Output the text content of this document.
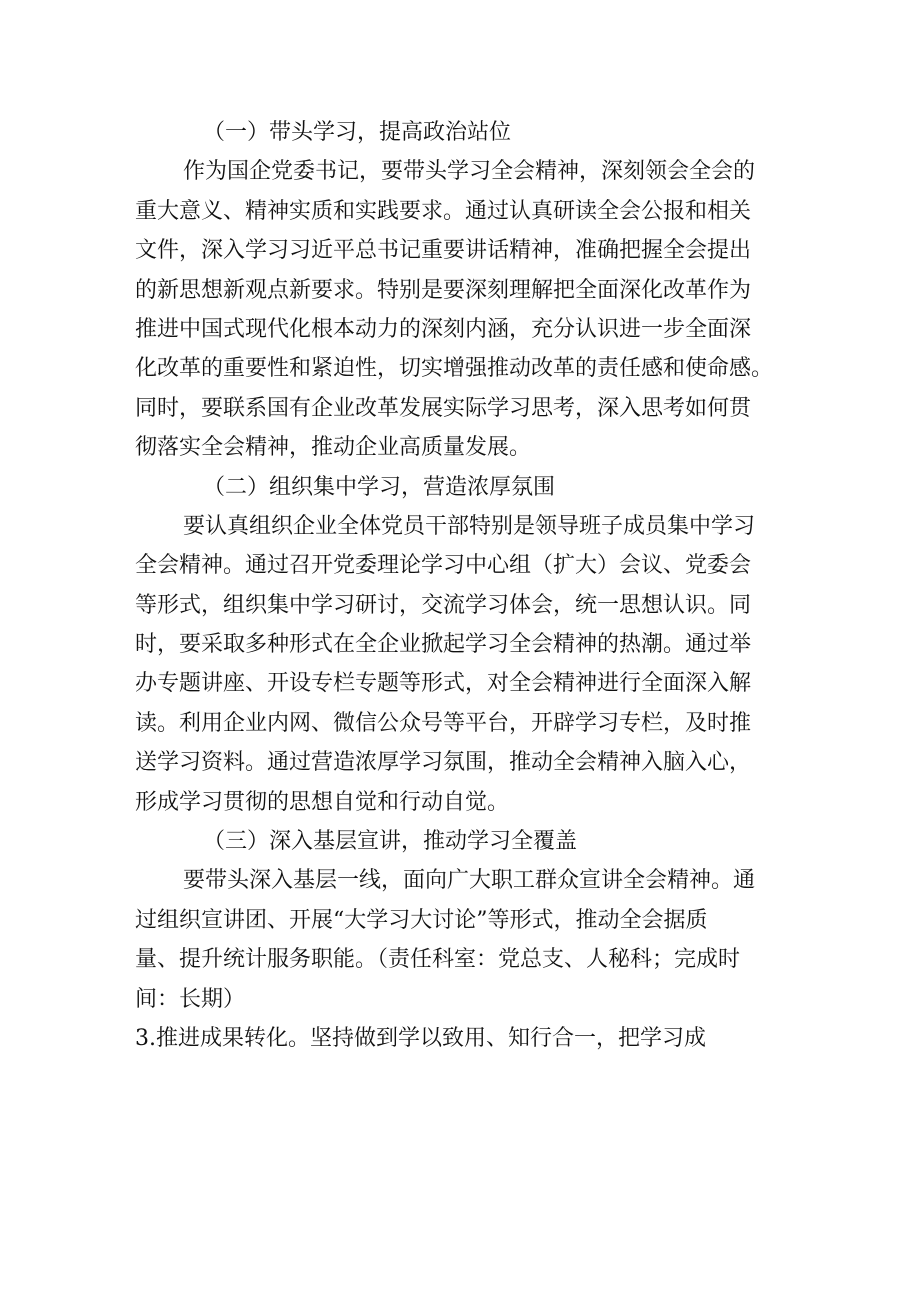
（一）带头学习，提高政治站位
作为国企党委书记，要带头学习全会精神，深刻领会全会的
重大意义、精神实质和实践要求。通过认真研读全会公报和相关
文件，深入学习习近平总书记重要讲话精神，准确把握全会提出
的新思想新观点新要求。特别是要深刻理解把全面深化改革作为
推进中国式现代化根本动力的深刻内涵，充分认识进一步全面深
化改革的重要性和紧迫性，切实增强推动改革的责任感和使命感。
同时，要联系国有企业改革发展实际学习思考，深入思考如何贯
彻落实全会精神，推动企业高质量发展。
（二）组织集中学习，营造浓厚氛围
要认真组织企业全体党员干部特别是领导班子成员集中学习
全会精神。通过召开党委理论学习中心组（扩大）会议、党委会
等形式，组织集中学习研讨，交流学习体会，统一思想认识。同
时，要采取多种形式在全企业掀起学习全会精神的热潮。通过举
办专题讲座、开设专栏专题等形式，对全会精神进行全面深入解
读。利用企业内网、微信公众号等平台，开辟学习专栏，及时推
送学习资料。通过营造浓厚学习氛围，推动全会精神入脑入心，
形成学习贯彻的思想自觉和行动自觉。
（三）深入基层宣讲，推动学习全覆盖
要带头深入基层一线，面向广大职工群众宣讲全会精神。通
过组织宣讲团、开展“大学习大讨论”等形式，推动全会据质
量、提升统计服务职能。（责任科室：党总支、人秘科；完成时
间：长期）
3.推进成果转化。坚持做到学以致用、知行合一，把学习成
